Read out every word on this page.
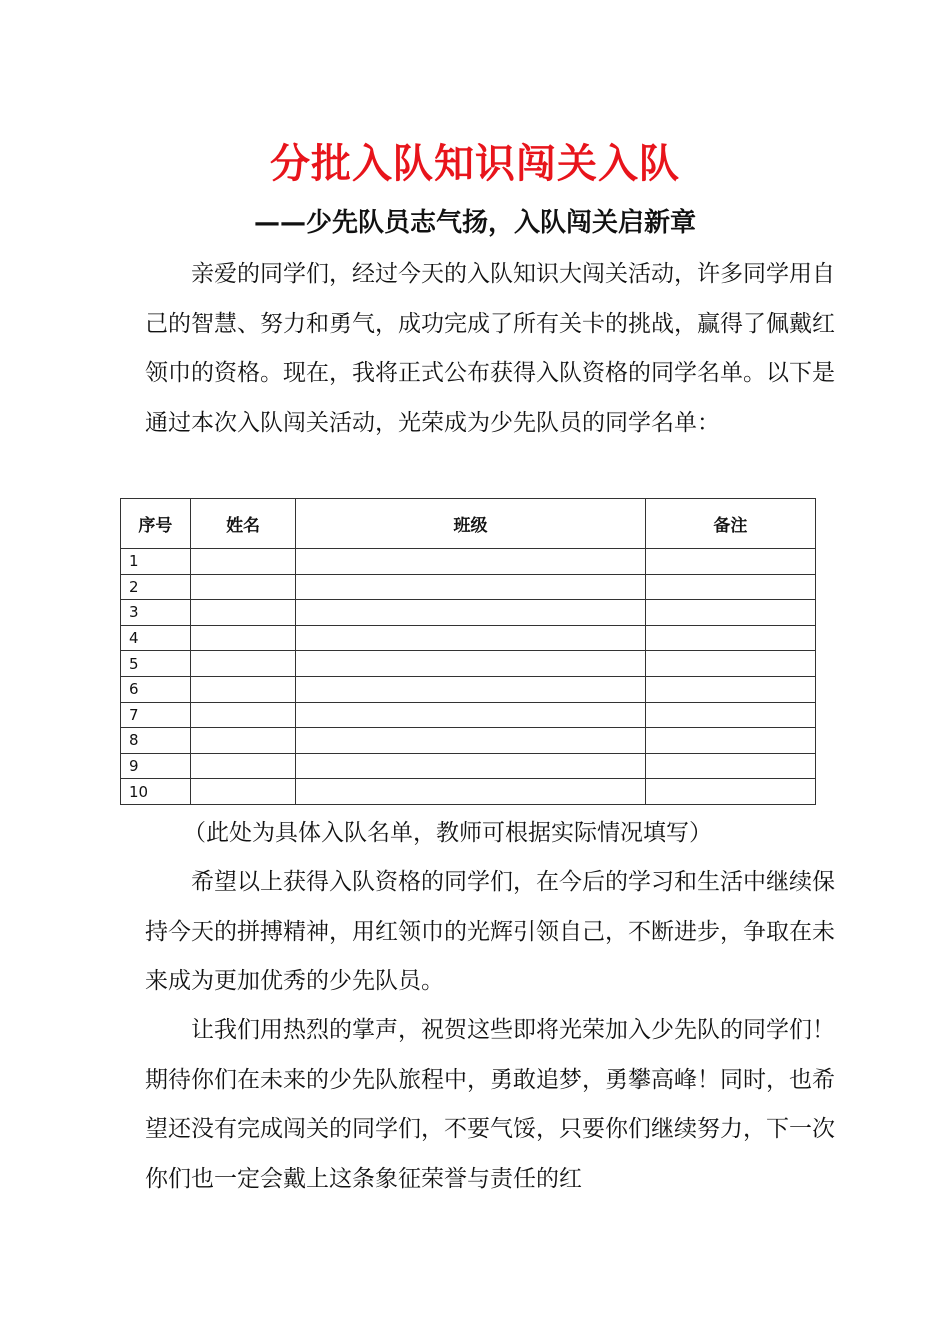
分批入队知识闯关入队
——少先队员志气扬，入队闯关启新章

亲爱的同学们，经过今天的入队知识大闯关活动，许多同学用自己的智慧、努力和勇气，成功完成了所有关卡的挑战，赢得了佩戴红领巾的资格。现在，我将正式公布获得入队资格的同学名单。以下是通过本次入队闯关活动，光荣成为少先队员的同学名单：

序号	姓名	班级	备注
1			
2			
3			
4			
5			
6			
7			
8			
9			
10			
（此处为具体入队名单，教师可根据实际情况填写）

希望以上获得入队资格的同学们，在今后的学习和生活中继续保持今天的拼搏精神，用红领巾的光辉引领自己，不断进步，争取在未来成为更加优秀的少先队员。

让我们用热烈的掌声，祝贺这些即将光荣加入少先队的同学们！期待你们在未来的少先队旅程中，勇敢追梦，勇攀高峰！同时，也希望还没有完成闯关的同学们，不要气馁，只要你们继续努力，下一次你们也一定会戴上这条象征荣誉与责任的红
